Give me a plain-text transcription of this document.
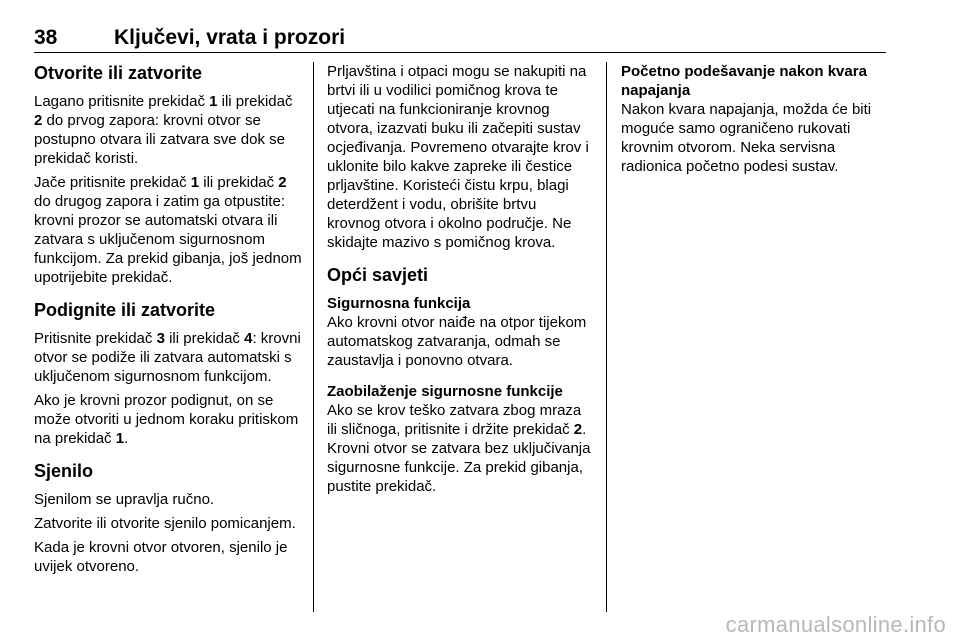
38	Ključevi, vrata i prozori
Otvorite ili zatvorite

Lagano pritisnite prekidač 1 ili prekidač 2 do prvog zapora: krovni otvor se postupno otvara ili zatvara sve dok se prekidač koristi.

Jače pritisnite prekidač 1 ili prekidač 2 do drugog zapora i zatim ga otpustite: krovni prozor se automatski otvara ili zatvara s uključenom sigurnosnom funkcijom. Za prekid gibanja, još jednom upotrijebite prekidač.

Podignite ili zatvorite

Pritisnite prekidač 3 ili prekidač 4: krovni otvor se podiže ili zatvara automatski s uključenom sigurnosnom funkcijom.

Ako je krovni prozor podignut, on se može otvoriti u jednom koraku pritiskom na prekidač 1.

Sjenilo

Sjenilom se upravlja ručno.

Zatvorite ili otvorite sjenilo pomicanjem.

Kada je krovni otvor otvoren, sjenilo je uvijek otvoreno.

Prljavština i otpaci mogu se nakupiti na brtvi ili u vodilici pomičnog krova te utjecati na funkcioniranje krovnog otvora, izazvati buku ili začepiti sustav ocjeđivanja. Povremeno otvarajte krov i uklonite bilo kakve zapreke ili čestice prljavštine. Koristeći čistu krpu, blagi deterdžent i vodu, obrišite brtvu krovnog otvora i okolno područje. Ne skidajte mazivo s pomičnog krova.

Opći savjeti
Sigurnosna funkcija

Ako krovni otvor naiđe na otpor tijekom automatskog zatvaranja, odmah se zaustavlja i ponovno otvara.

Zaobilaženje sigurnosne funkcije

Ako se krov teško zatvara zbog mraza ili sličnoga, pritisnite i držite prekidač 2. Krovni otvor se zatvara bez uključivanja sigurnosne funkcije. Za prekid gibanja, pustite prekidač.

Početno podešavanje nakon kvara napajanja

Nakon kvara napajanja, možda će biti moguće samo ograničeno rukovati krovnim otvorom. Neka servisna radionica početno podesi sustav.

carmanualsonline.info
